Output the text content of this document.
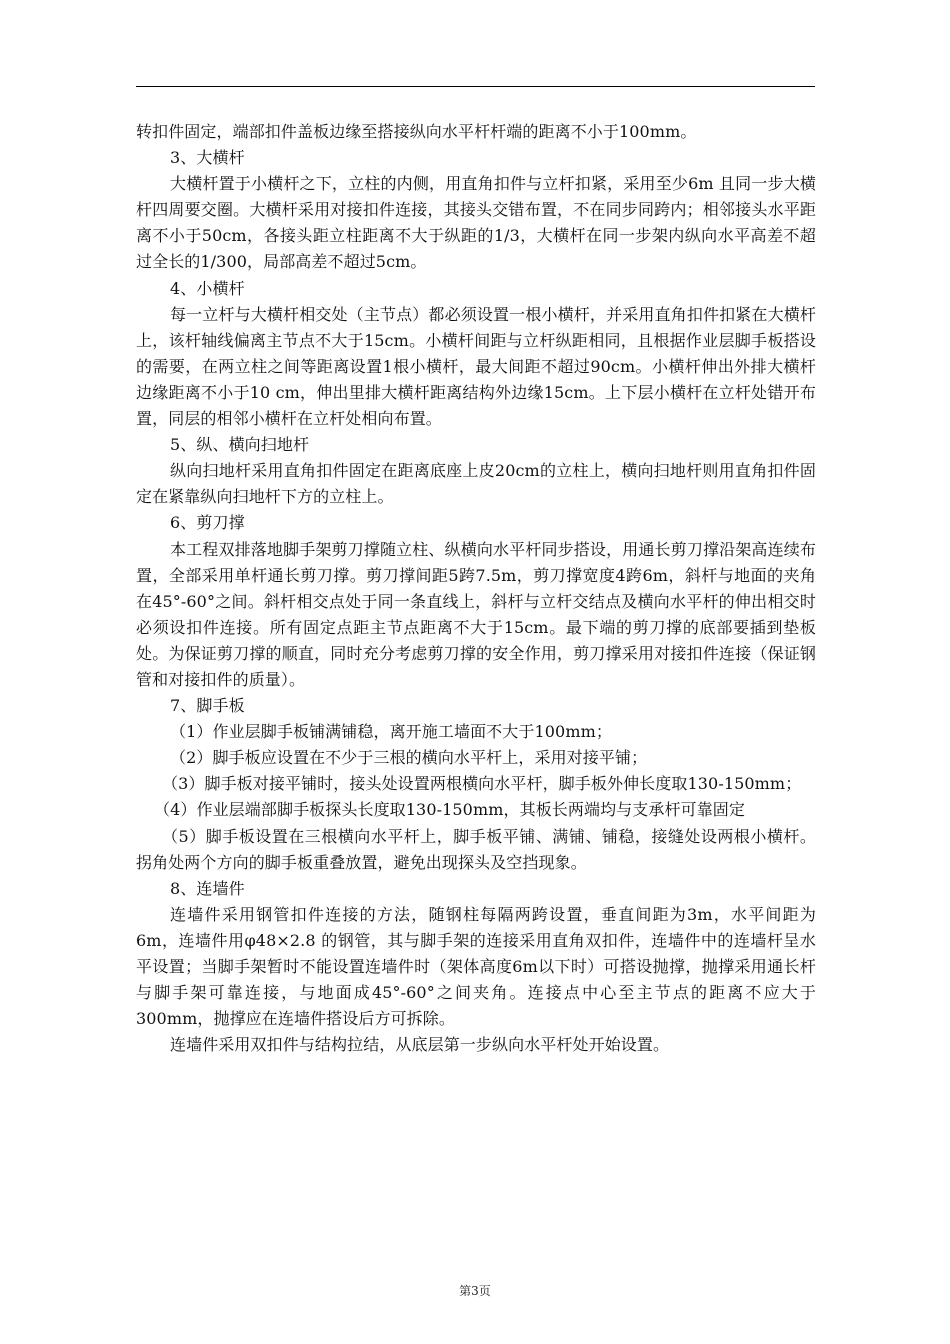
转扣件固定，端部扣件盖板边缘至搭接纵向水平杆杆端的距离不小于100mm。

3、大横杆

大横杆置于小横杆之下，立柱的内侧，用直角扣件与立杆扣紧，采用至少6m 且同一步大横杆四周要交圈。大横杆采用对接扣件连接，其接头交错布置，不在同步同跨内；相邻接头水平距离不小于50cm，各接头距立柱距离不大于纵距的1/3，大横杆在同一步架内纵向水平高差不超过全长的1/300，局部高差不超过5cm。

4、小横杆

每一立杆与大横杆相交处（主节点）都必须设置一根小横杆，并采用直角扣件扣紧在大横杆上，该杆轴线偏离主节点不大于15cm。小横杆间距与立杆纵距相同，且根据作业层脚手板搭设的需要，在两立柱之间等距离设置1根小横杆，最大间距不超过90cm。小横杆伸出外排大横杆边缘距离不小于10 cm，伸出里排大横杆距离结构外边缘15cm。上下层小横杆在立杆处错开布置，同层的相邻小横杆在立杆处相向布置。

5、纵、横向扫地杆

纵向扫地杆采用直角扣件固定在距离底座上皮20cm的立柱上，横向扫地杆则用直角扣件固定在紧靠纵向扫地杆下方的立柱上。

6、剪刀撑

本工程双排落地脚手架剪刀撑随立柱、纵横向水平杆同步搭设，用通长剪刀撑沿架高连续布置，全部采用单杆通长剪刀撑。剪刀撑间距5跨7.5m，剪刀撑宽度4跨6m，斜杆与地面的夹角在45°-60°之间。斜杆相交点处于同一条直线上，斜杆与立杆交结点及横向水平杆的伸出相交时必须设扣件连接。所有固定点距主节点距离不大于15cm。最下端的剪刀撑的底部要插到垫板处。为保证剪刀撑的顺直，同时充分考虑剪刀撑的安全作用，剪刀撑采用对接扣件连接（保证钢管和对接扣件的质量）。

7、脚手板

（1）作业层脚手板铺满铺稳，离开施工墙面不大于100mm；

（2）脚手板应设置在不少于三根的横向水平杆上，采用对接平铺；

（3）脚手板对接平铺时，接头处设置两根横向水平杆，脚手板外伸长度取130-150mm；

（4）作业层端部脚手板探头长度取130-150mm，其板长两端均与支承杆可靠固定

（5）脚手板设置在三根横向水平杆上，脚手板平铺、满铺、铺稳，接缝处设两根小横杆。拐角处两个方向的脚手板重叠放置，避免出现探头及空挡现象。

8、连墙件

连墙件采用钢管扣件连接的方法，随钢柱每隔两跨设置，垂直间距为3m，水平间距为6m，连墙件用φ48×2.8 的钢管，其与脚手架的连接采用直角双扣件，连墙件中的连墙杆呈水平设置；当脚手架暂时不能设置连墙件时（架体高度6m以下时）可搭设抛撑，抛撑采用通长杆与脚手架可靠连接，与地面成45°-60°之间夹角。连接点中心至主节点的距离不应大于300mm，抛撑应在连墙件搭设后方可拆除。

连墙件采用双扣件与结构拉结，从底层第一步纵向水平杆处开始设置。

第3页
